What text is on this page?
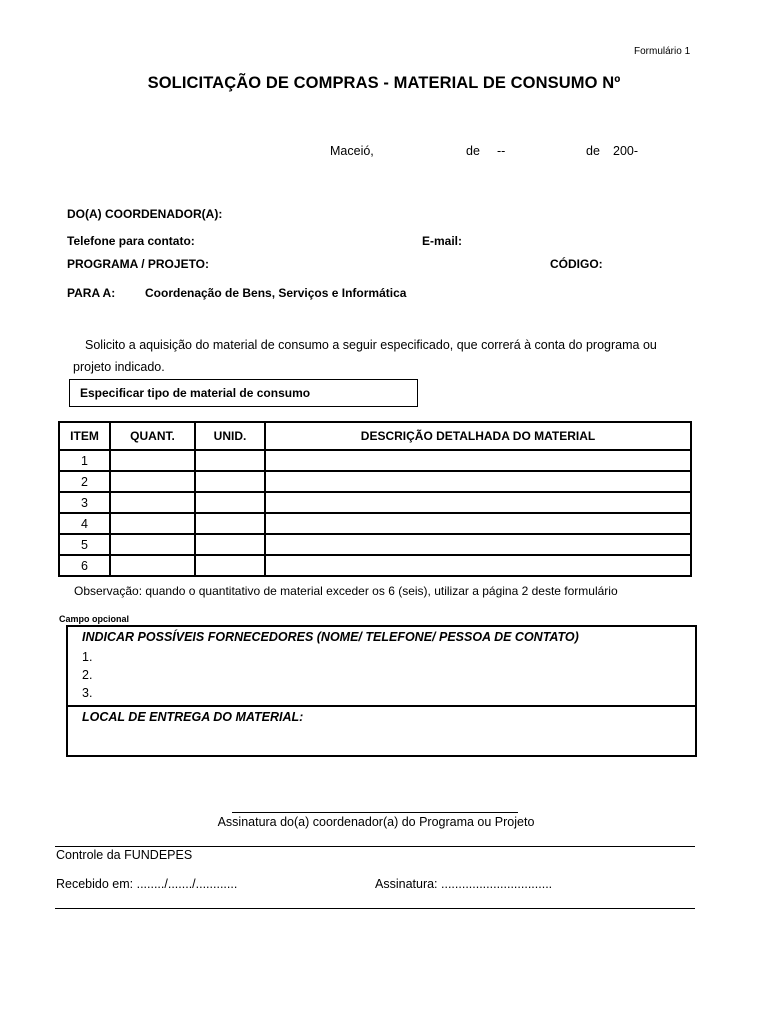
Formulário 1
SOLICITAÇÃO DE COMPRAS - MATERIAL DE CONSUMO Nº
Maceió,	de --	de 200-
DO(A) COORDENADOR(A):
Telefone para contato:	E-mail:
PROGRAMA / PROJETO:	CÓDIGO:
PARA A: Coordenação de Bens, Serviços e Informática
Solicito a aquisição do material de consumo a seguir especificado, que correrá à conta do programa ou projeto indicado.
Especificar tipo de material de consumo
ITEM	QUANT.	UNID.	DESCRIÇÃO DETALHADA DO MATERIAL
1			
2			
3			
4			
5			
6			
Observação: quando o quantitativo de material exceder os 6 (seis), utilizar a página 2 deste formulário
Campo opcional
INDICAR POSSÍVEIS FORNECEDORES (NOME/ TELEFONE/ PESSOA DE CONTATO)
1.
2.
3.
LOCAL DE ENTREGA DO MATERIAL:
Assinatura do(a) coordenador(a) do Programa ou Projeto
Controle da FUNDEPES
Recebido em: ......../......./............	Assinatura: ................................
